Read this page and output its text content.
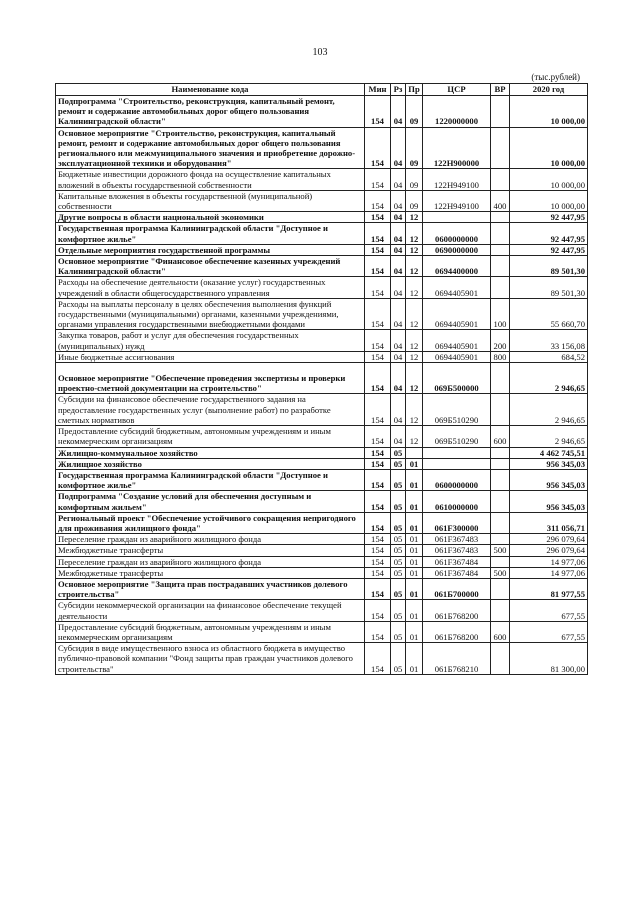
103
(тыс.рублей)
Наименование кода	Мин	Рз	Пр	ЦСР	ВР	2020 год
Подпрограмма "Строительство, реконструкция, капитальный ремонт, ремонт и содержание автомобильных дорог общего пользования Калининградской области"	154	04	09	1220000000		10 000,00
Основное мероприятие "Строительство, реконструкция, капитальный ремонт, ремонт и содержание автомобильных дорог общего пользования регионального или межмуниципального значения и приобретение дорожно-эксплуатационной техники и оборудования"	154	04	09	122Н900000		10 000,00
Бюджетные инвестиции дорожного фонда на осуществление капитальных вложений в объекты государственной собственности	154	04	09	122Н949100		10 000,00
Капитальные вложения в объекты государственной (муниципальной) собственности	154	04	09	122Н949100	400	10 000,00
Другие вопросы в области национальной экономики	154	04	12			92 447,95
Государственная программа Калининградской области "Доступное и комфортное жилье"	154	04	12	0600000000		92 447,95
Отдельные мероприятия государственной программы	154	04	12	0690000000		92 447,95
Основное мероприятие "Финансовое обеспечение казенных учреждений Калининградской области"	154	04	12	0694400000		89 501,30
Расходы на обеспечение деятельности (оказание услуг) государственных учреждений в области общегосударственного управления	154	04	12	0694405901		89 501,30
Расходы на выплаты персоналу в целях обеспечения выполнения функций государственными (муниципальными) органами, казенными учреждениями, органами управления государственными внебюджетными фондами	154	04	12	0694405901	100	55 660,70
Закупка товаров, работ и услуг для обеспечения государственных (муниципальных) нужд	154	04	12	0694405901	200	33 156,08
Иные бюджетные ассигнования	154	04	12	0694405901	800	684,52
Основное мероприятие "Обеспечение проведения экспертизы и проверки проектно-сметной документации на строительство"	154	04	12	069Б500000		2 946,65
Субсидии на финансовое обеспечение государственного задания на предоставление государственных услуг (выполнение работ) по разработке сметных нормативов	154	04	12	069Б510290		2 946,65
Предоставление субсидий бюджетным, автономным учреждениям и иным некоммерческим организациям	154	04	12	069Б510290	600	2 946,65
Жилищно-коммунальное хозяйство	154	05				4 462 745,51
Жилищное хозяйство	154	05	01			956 345,03
Государственная программа Калининградской области "Доступное и комфортное жилье"	154	05	01	0600000000		956 345,03
Подпрограмма "Создание условий для обеспечения доступным и комфортным жильем"	154	05	01	0610000000		956 345,03
Региональный проект "Обеспечение устойчивого сокращения непригодного для проживания жилищного фонда"	154	05	01	061F300000		311 056,71
Переселение граждан из аварийного жилищного фонда	154	05	01	061F367483		296 079,64
Межбюджетные трансферты	154	05	01	061F367483	500	296 079,64
Переселение граждан из аварийного жилищного фонда	154	05	01	061F367484		14 977,06
Межбюджетные трансферты	154	05	01	061F367484	500	14 977,06
Основное мероприятие "Защита прав пострадавших участников долевого строительства"	154	05	01	061Б700000		81 977,55
Субсидии некоммерческой организации на финансовое обеспечение текущей деятельности	154	05	01	061Б768200		677,55
Предоставление субсидий бюджетным, автономным учреждениям и иным некоммерческим организациям	154	05	01	061Б768200	600	677,55
Субсидия в виде имущественного взноса из областного бюджета в имущество публично-правовой компании "Фонд защиты прав граждан участников долевого строительства"	154	05	01	061Б768210		81 300,00
